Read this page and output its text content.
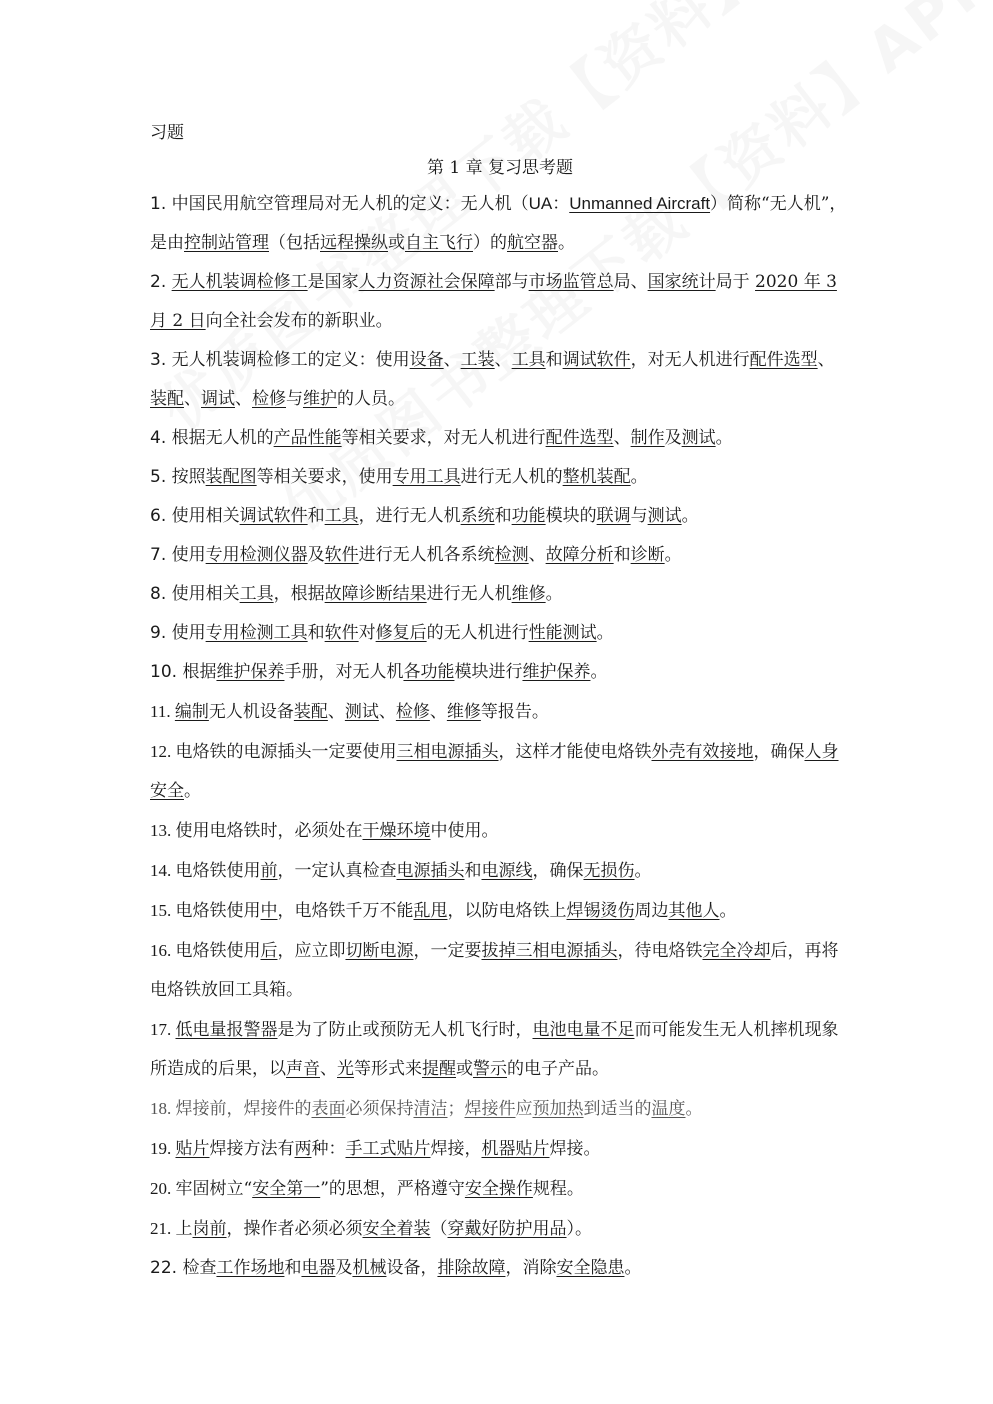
习题
第 1 章 复习思考题

1. 中国民用航空管理局对无人机的定义：无人机（UA：Unmanned Aircraft）简称“无人机”，是由控制站管理（包括远程操纵或自主飞行）的航空器。

2. 无人机装调检修工是国家人力资源社会保障部与市场监管总局、国家统计局于 2020 年 3 月 2 日向全社会发布的新职业。

3. 无人机装调检修工的定义：使用设备、工装、工具和调试软件，对无人机进行配件选型、装配、调试、检修与维护的人员。

4. 根据无人机的产品性能等相关要求，对无人机进行配件选型、制作及测试。

5. 按照装配图等相关要求，使用专用工具进行无人机的整机装配。

6. 使用相关调试软件和工具，进行无人机系统和功能模块的联调与测试。

7. 使用专用检测仪器及软件进行无人机各系统检测、故障分析和诊断。

8. 使用相关工具，根据故障诊断结果进行无人机维修。

9. 使用专用检测工具和软件对修复后的无人机进行性能测试。

10. 根据维护保养手册，对无人机各功能模块进行维护保养。

11. 编制无人机设备装配、测试、检修、维修等报告。

12. 电烙铁的电源插头一定要使用三相电源插头，这样才能使电烙铁外壳有效接地，确保人身安全。

13. 使用电烙铁时，必须处在干燥环境中使用。

14. 电烙铁使用前，一定认真检查电源插头和电源线，确保无损伤。

15. 电烙铁使用中，电烙铁千万不能乱甩，以防电烙铁上焊锡烫伤周边其他人。

16. 电烙铁使用后，应立即切断电源，一定要拔掉三相电源插头，待电烙铁完全冷却后，再将电烙铁放回工具箱。

17. 低电量报警器是为了防止或预防无人机飞行时，电池电量不足而可能发生无人机摔机现象所造成的后果，以声音、光等形式来提醒或警示的电子产品。

18. 焊接前，焊接件的表面必须保持清洁；焊接件应预加热到适当的温度。

19. 贴片焊接方法有两种：手工式贴片焊接，机器贴片焊接。

20. 牢固树立“安全第一”的思想，严格遵守安全操作规程。

21. 上岗前，操作者必须必须安全着装（穿戴好防护用品）。

22. 检查工作场地和电器及机械设备，排除故障，消除安全隐患。
